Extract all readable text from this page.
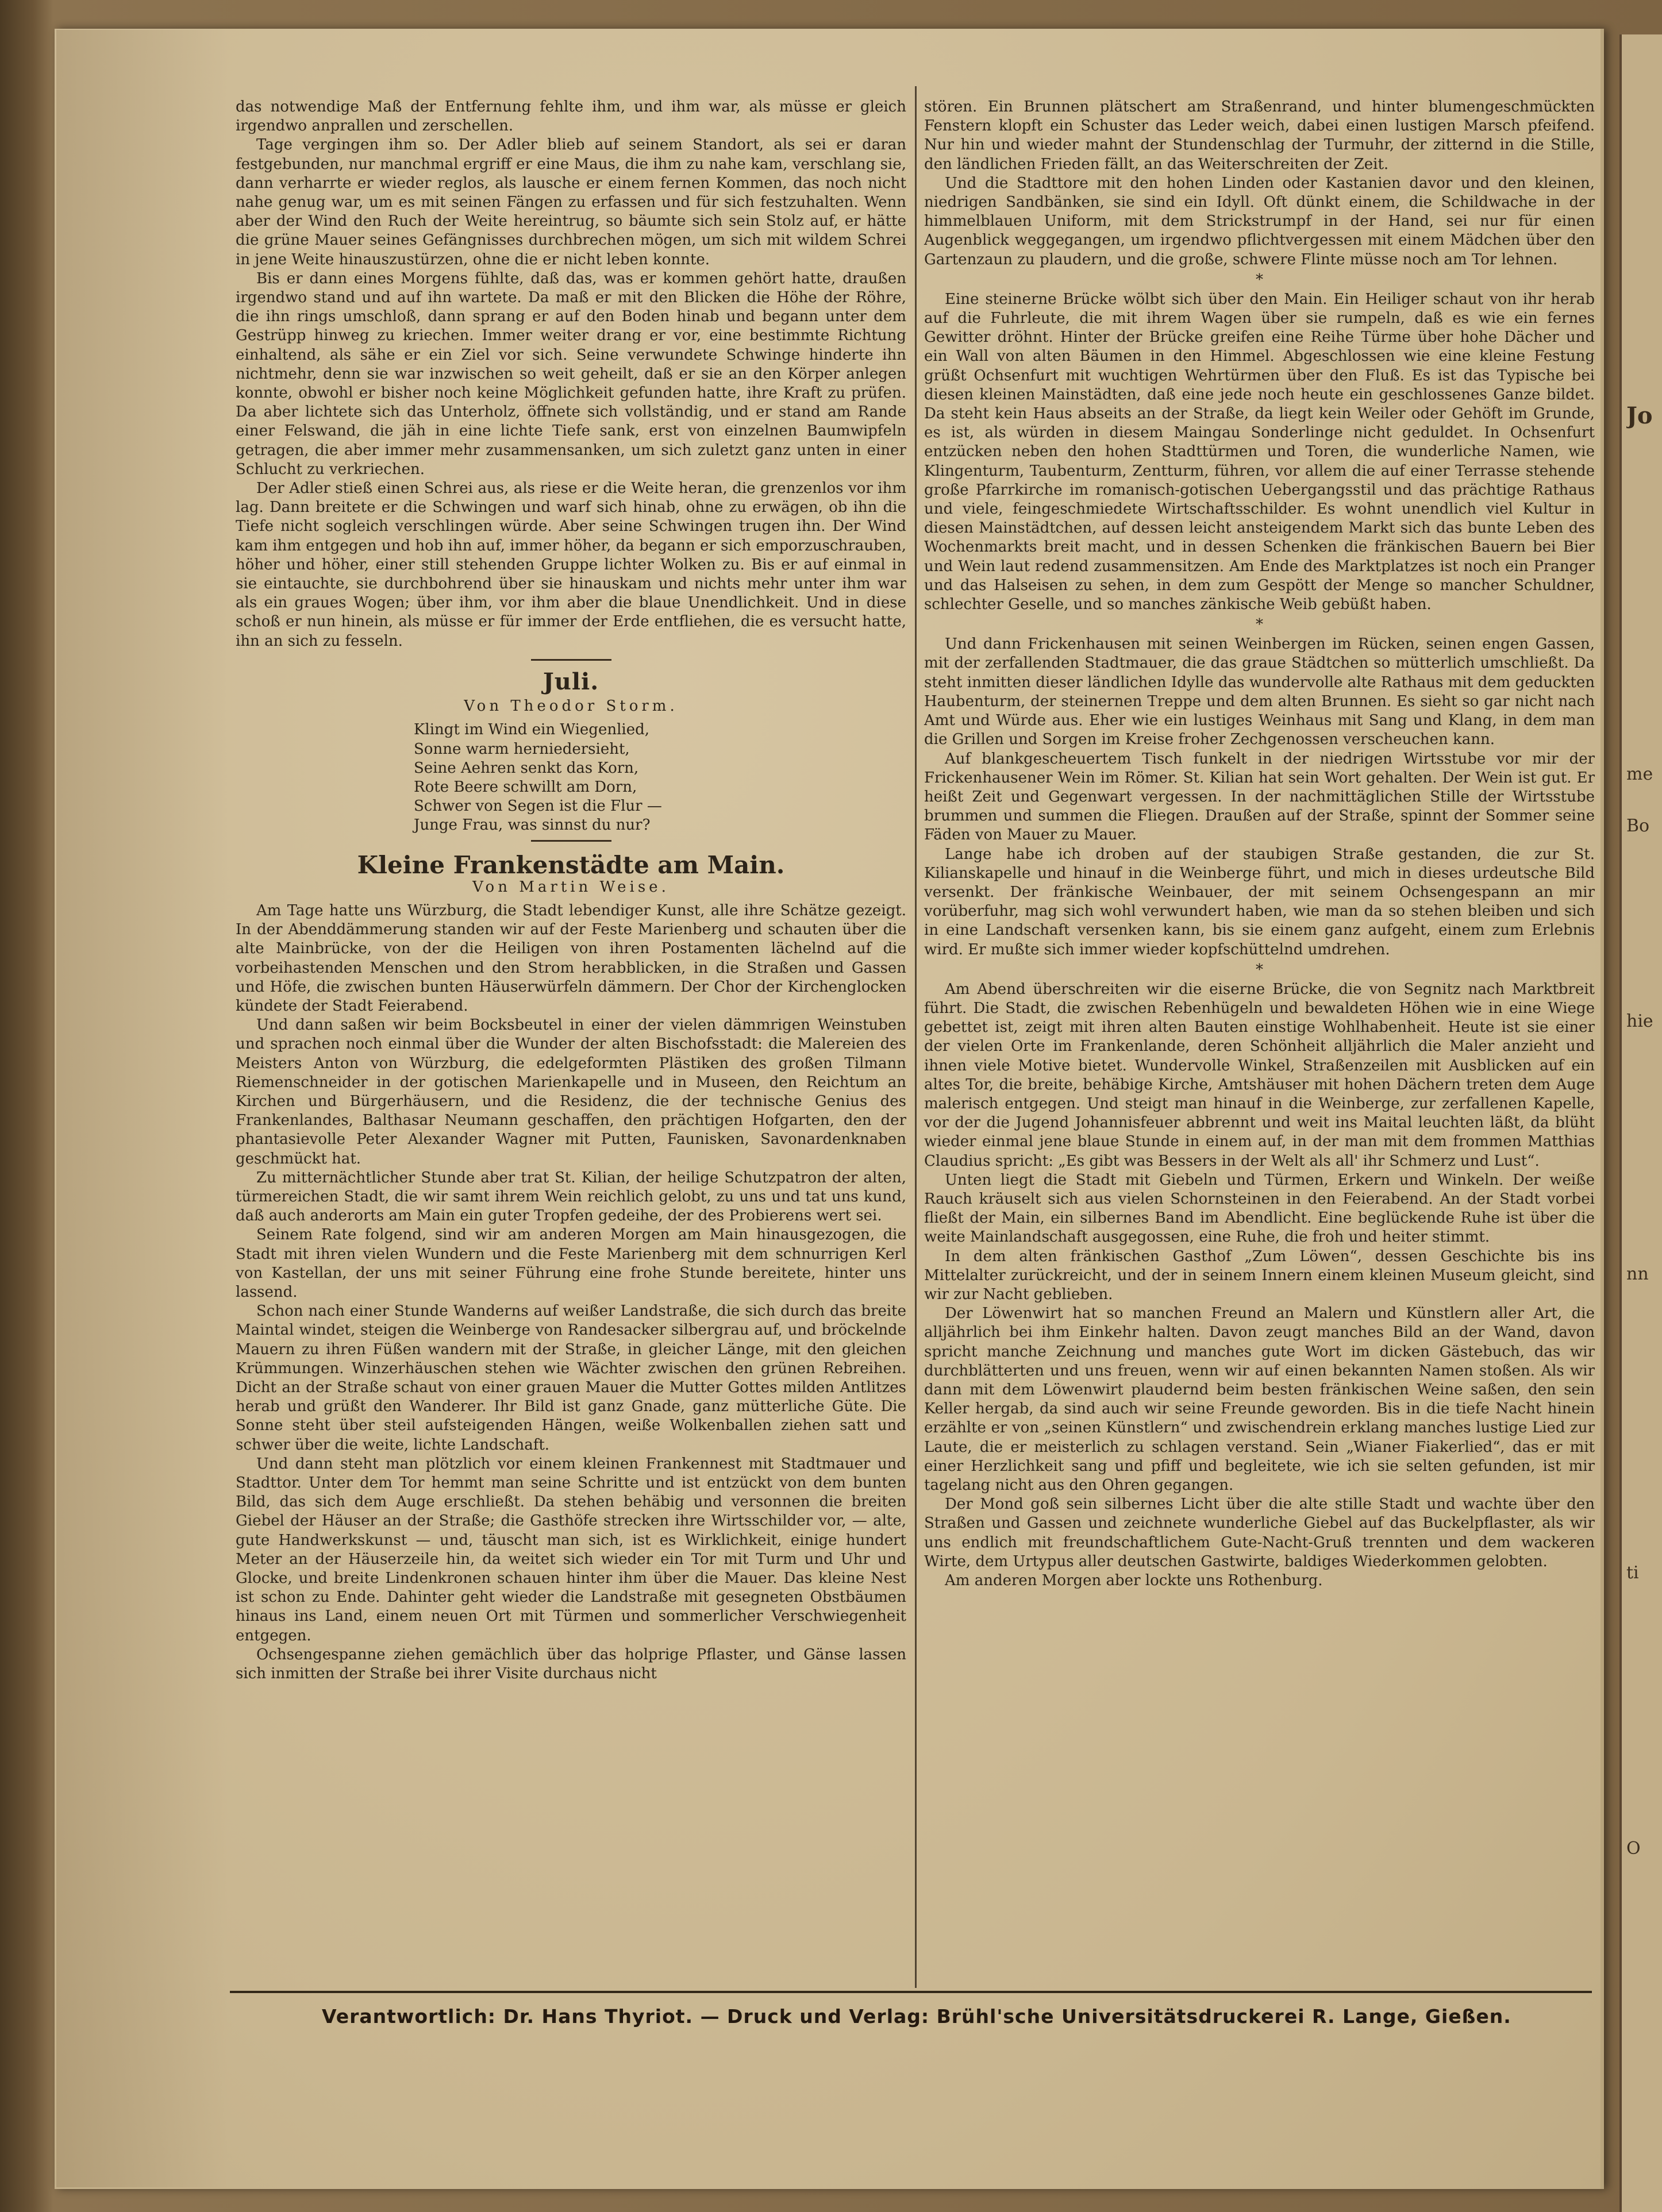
Jo
me
Bo
hie
nn
ti
O

das notwendige Maß der Entfernung fehlte ihm, und ihm war, als müsse er gleich irgendwo anprallen und zerschellen.

Tage vergingen ihm so. Der Adler blieb auf seinem Standort, als sei er daran festgebunden, nur manchmal ergriff er eine Maus, die ihm zu nahe kam, verschlang sie, dann verharrte er wieder reglos, als lausche er einem fernen Kommen, das noch nicht nahe genug war, um es mit seinen Fängen zu erfassen und für sich festzuhalten. Wenn aber der Wind den Ruch der Weite hereintrug, so bäumte sich sein Stolz auf, er hätte die grüne Mauer seines Gefängnisses durchbrechen mögen, um sich mit wildem Schrei in jene Weite hinauszustürzen, ohne die er nicht leben konnte.

Bis er dann eines Morgens fühlte, daß das, was er kommen gehört hatte, draußen irgendwo stand und auf ihn wartete. Da maß er mit den Blicken die Höhe der Röhre, die ihn rings umschloß, dann sprang er auf den Boden hinab und begann unter dem Gestrüpp hinweg zu kriechen. Immer weiter drang er vor, eine bestimmte Richtung einhaltend, als sähe er ein Ziel vor sich. Seine verwundete Schwinge hinderte ihn nichtmehr, denn sie war inzwischen so weit geheilt, daß er sie an den Körper anlegen konnte, obwohl er bisher noch keine Möglichkeit gefunden hatte, ihre Kraft zu prüfen. Da aber lichtete sich das Unterholz, öffnete sich vollständig, und er stand am Rande einer Felswand, die jäh in eine lichte Tiefe sank, erst von einzelnen Baumwipfeln getragen, die aber immer mehr zusammensanken, um sich zuletzt ganz unten in einer Schlucht zu verkriechen.

Der Adler stieß einen Schrei aus, als riese er die Weite heran, die grenzenlos vor ihm lag. Dann breitete er die Schwingen und warf sich hinab, ohne zu erwägen, ob ihn die Tiefe nicht sogleich verschlingen würde. Aber seine Schwingen trugen ihn. Der Wind kam ihm entgegen und hob ihn auf, immer höher, da begann er sich emporzuschrauben, höher und höher, einer still stehenden Gruppe lichter Wolken zu. Bis er auf einmal in sie eintauchte, sie durchbohrend über sie hinauskam und nichts mehr unter ihm war als ein graues Wogen; über ihm, vor ihm aber die blaue Unendlichkeit. Und in diese schoß er nun hinein, als müsse er für immer der Erde entfliehen, die es versucht hatte, ihn an sich zu fesseln.

Juli.
Von Theodor Storm.
Klingt im Wind ein Wiegenlied,
Sonne warm herniedersieht,
Seine Aehren senkt das Korn,
Rote Beere schwillt am Dorn,
Schwer von Segen ist die Flur —
Junge Frau, was sinnst du nur?
Kleine Frankenstädte am Main.
Von Martin Weise.

Am Tage hatte uns Würzburg, die Stadt lebendiger Kunst, alle ihre Schätze gezeigt. In der Abenddämmerung standen wir auf der Feste Marienberg und schauten über die alte Mainbrücke, von der die Heiligen von ihren Postamenten lächelnd auf die vorbeihastenden Menschen und den Strom herabblicken, in die Straßen und Gassen und Höfe, die zwischen bunten Häuserwürfeln dämmern. Der Chor der Kirchenglocken kündete der Stadt Feierabend.

Und dann saßen wir beim Bocksbeutel in einer der vielen dämmrigen Weinstuben und sprachen noch einmal über die Wunder der alten Bischofsstadt: die Malereien des Meisters Anton von Würzburg, die edelgeformten Plästiken des großen Tilmann Riemenschneider in der gotischen Marienkapelle und in Museen, den Reichtum an Kirchen und Bürgerhäusern, und die Residenz, die der technische Genius des Frankenlandes, Balthasar Neumann geschaffen, den prächtigen Hofgarten, den der phantasievolle Peter Alexander Wagner mit Putten, Faunisken, Savonardenknaben geschmückt hat.

Zu mitternächtlicher Stunde aber trat St. Kilian, der heilige Schutzpatron der alten, türmereichen Stadt, die wir samt ihrem Wein reichlich gelobt, zu uns und tat uns kund, daß auch anderorts am Main ein guter Tropfen gedeihe, der des Probierens wert sei.

Seinem Rate folgend, sind wir am anderen Morgen am Main hinausgezogen, die Stadt mit ihren vielen Wundern und die Feste Marienberg mit dem schnurrigen Kerl von Kastellan, der uns mit seiner Führung eine frohe Stunde bereitete, hinter uns lassend.

Schon nach einer Stunde Wanderns auf weißer Landstraße, die sich durch das breite Maintal windet, steigen die Weinberge von Randesacker silbergrau auf, und bröckelnde Mauern zu ihren Füßen wandern mit der Straße, in gleicher Länge, mit den gleichen Krümmungen. Winzerhäuschen stehen wie Wächter zwischen den grünen Rebreihen. Dicht an der Straße schaut von einer grauen Mauer die Mutter Gottes milden Antlitzes herab und grüßt den Wanderer. Ihr Bild ist ganz Gnade, ganz mütterliche Güte. Die Sonne steht über steil aufsteigenden Hängen, weiße Wolkenballen ziehen satt und schwer über die weite, lichte Landschaft.

Und dann steht man plötzlich vor einem kleinen Frankennest mit Stadtmauer und Stadttor. Unter dem Tor hemmt man seine Schritte und ist entzückt von dem bunten Bild, das sich dem Auge erschließt. Da stehen behäbig und versonnen die breiten Giebel der Häuser an der Straße; die Gasthöfe strecken ihre Wirtsschilder vor, — alte, gute Handwerkskunst — und, täuscht man sich, ist es Wirklichkeit, einige hundert Meter an der Häuserzeile hin, da weitet sich wieder ein Tor mit Turm und Uhr und Glocke, und breite Lindenkronen schauen hinter ihm über die Mauer. Das kleine Nest ist schon zu Ende. Dahinter geht wieder die Landstraße mit gesegneten Obstbäumen hinaus ins Land, einem neuen Ort mit Türmen und sommerlicher Verschwiegenheit entgegen.

Ochsengespanne ziehen gemächlich über das holprige Pflaster, und Gänse lassen sich inmitten der Straße bei ihrer Visite durchaus nicht

stören. Ein Brunnen plätschert am Straßenrand, und hinter blumengeschmückten Fenstern klopft ein Schuster das Leder weich, dabei einen lustigen Marsch pfeifend. Nur hin und wieder mahnt der Stundenschlag der Turmuhr, der zitternd in die Stille, den ländlichen Frieden fällt, an das Weiterschreiten der Zeit.

Und die Stadttore mit den hohen Linden oder Kastanien davor und den kleinen, niedrigen Sandbänken, sie sind ein Idyll. Oft dünkt einem, die Schildwache in der himmelblauen Uniform, mit dem Strickstrumpf in der Hand, sei nur für einen Augenblick weggegangen, um irgendwo pflichtvergessen mit einem Mädchen über den Gartenzaun zu plaudern, und die große, schwere Flinte müsse noch am Tor lehnen.

*

Eine steinerne Brücke wölbt sich über den Main. Ein Heiliger schaut von ihr herab auf die Fuhrleute, die mit ihrem Wagen über sie rumpeln, daß es wie ein fernes Gewitter dröhnt. Hinter der Brücke greifen eine Reihe Türme über hohe Dächer und ein Wall von alten Bäumen in den Himmel. Abgeschlossen wie eine kleine Festung grüßt Ochsenfurt mit wuchtigen Wehrtürmen über den Fluß. Es ist das Typische bei diesen kleinen Mainstädten, daß eine jede noch heute ein geschlossenes Ganze bildet. Da steht kein Haus abseits an der Straße, da liegt kein Weiler oder Gehöft im Grunde, es ist, als würden in diesem Maingau Sonderlinge nicht geduldet. In Ochsenfurt entzücken neben den hohen Stadttürmen und Toren, die wunderliche Namen, wie Klingenturm, Taubenturm, Zentturm, führen, vor allem die auf einer Terrasse stehende große Pfarrkirche im romanisch-gotischen Uebergangsstil und das prächtige Rathaus und viele, feingeschmiedete Wirtschaftsschilder. Es wohnt unendlich viel Kultur in diesen Mainstädtchen, auf dessen leicht ansteigendem Markt sich das bunte Leben des Wochenmarkts breit macht, und in dessen Schenken die fränkischen Bauern bei Bier und Wein laut redend zusammensitzen. Am Ende des Marktplatzes ist noch ein Pranger und das Halseisen zu sehen, in dem zum Gespött der Menge so mancher Schuldner, schlechter Geselle, und so manches zänkische Weib gebüßt haben.

*

Und dann Frickenhausen mit seinen Weinbergen im Rücken, seinen engen Gassen, mit der zerfallenden Stadtmauer, die das graue Städtchen so mütterlich umschließt. Da steht inmitten dieser ländlichen Idylle das wundervolle alte Rathaus mit dem geduckten Haubenturm, der steinernen Treppe und dem alten Brunnen. Es sieht so gar nicht nach Amt und Würde aus. Eher wie ein lustiges Weinhaus mit Sang und Klang, in dem man die Grillen und Sorgen im Kreise froher Zechgenossen verscheuchen kann.

Auf blankgescheuertem Tisch funkelt in der niedrigen Wirtsstube vor mir der Frickenhausener Wein im Römer. St. Kilian hat sein Wort gehalten. Der Wein ist gut. Er heißt Zeit und Gegenwart vergessen. In der nachmittäglichen Stille der Wirtsstube brummen und summen die Fliegen. Draußen auf der Straße, spinnt der Sommer seine Fäden von Mauer zu Mauer.

Lange habe ich droben auf der staubigen Straße gestanden, die zur St. Kilianskapelle und hinauf in die Weinberge führt, und mich in dieses urdeutsche Bild versenkt. Der fränkische Weinbauer, der mit seinem Ochsengespann an mir vorüberfuhr, mag sich wohl verwundert haben, wie man da so stehen bleiben und sich in eine Landschaft versenken kann, bis sie einem ganz aufgeht, einem zum Erlebnis wird. Er mußte sich immer wieder kopfschüttelnd umdrehen.

*

Am Abend überschreiten wir die eiserne Brücke, die von Segnitz nach Marktbreit führt. Die Stadt, die zwischen Rebenhügeln und bewaldeten Höhen wie in eine Wiege gebettet ist, zeigt mit ihren alten Bauten einstige Wohlhabenheit. Heute ist sie einer der vielen Orte im Frankenlande, deren Schönheit alljährlich die Maler anzieht und ihnen viele Motive bietet. Wundervolle Winkel, Straßenzeilen mit Ausblicken auf ein altes Tor, die breite, behäbige Kirche, Amtshäuser mit hohen Dächern treten dem Auge malerisch entgegen. Und steigt man hinauf in die Weinberge, zur zerfallenen Kapelle, vor der die Jugend Johannisfeuer abbrennt und weit ins Maital leuchten läßt, da blüht wieder einmal jene blaue Stunde in einem auf, in der man mit dem frommen Matthias Claudius spricht: „Es gibt was Bessers in der Welt als all' ihr Schmerz und Lust“.

Unten liegt die Stadt mit Giebeln und Türmen, Erkern und Winkeln. Der weiße Rauch kräuselt sich aus vielen Schornsteinen in den Feierabend. An der Stadt vorbei fließt der Main, ein silbernes Band im Abendlicht. Eine beglückende Ruhe ist über die weite Mainlandschaft ausgegossen, eine Ruhe, die froh und heiter stimmt.

In dem alten fränkischen Gasthof „Zum Löwen“, dessen Geschichte bis ins Mittelalter zurückreicht, und der in seinem Innern einem kleinen Museum gleicht, sind wir zur Nacht geblieben.

Der Löwenwirt hat so manchen Freund an Malern und Künstlern aller Art, die alljährlich bei ihm Einkehr halten. Davon zeugt manches Bild an der Wand, davon spricht manche Zeichnung und manches gute Wort im dicken Gästebuch, das wir durchblätterten und uns freuen, wenn wir auf einen bekannten Namen stoßen. Als wir dann mit dem Löwenwirt plaudernd beim besten fränkischen Weine saßen, den sein Keller hergab, da sind auch wir seine Freunde geworden. Bis in die tiefe Nacht hinein erzählte er von „seinen Künstlern“ und zwischendrein erklang manches lustige Lied zur Laute, die er meisterlich zu schlagen verstand. Sein „Wianer Fiakerlied“, das er mit einer Herzlichkeit sang und pfiff und begleitete, wie ich sie selten gefunden, ist mir tagelang nicht aus den Ohren gegangen.

Der Mond goß sein silbernes Licht über die alte stille Stadt und wachte über den Straßen und Gassen und zeichnete wunderliche Giebel auf das Buckelpflaster, als wir uns endlich mit freundschaftlichem Gute-Nacht-Gruß trennten und dem wackeren Wirte, dem Urtypus aller deutschen Gastwirte, baldiges Wiederkommen gelobten.

Am anderen Morgen aber lockte uns Rothenburg.

Verantwortlich: Dr. Hans Thyriot. — Druck und Verlag: Brühl'sche Universitätsdruckerei R. Lange, Gießen.
